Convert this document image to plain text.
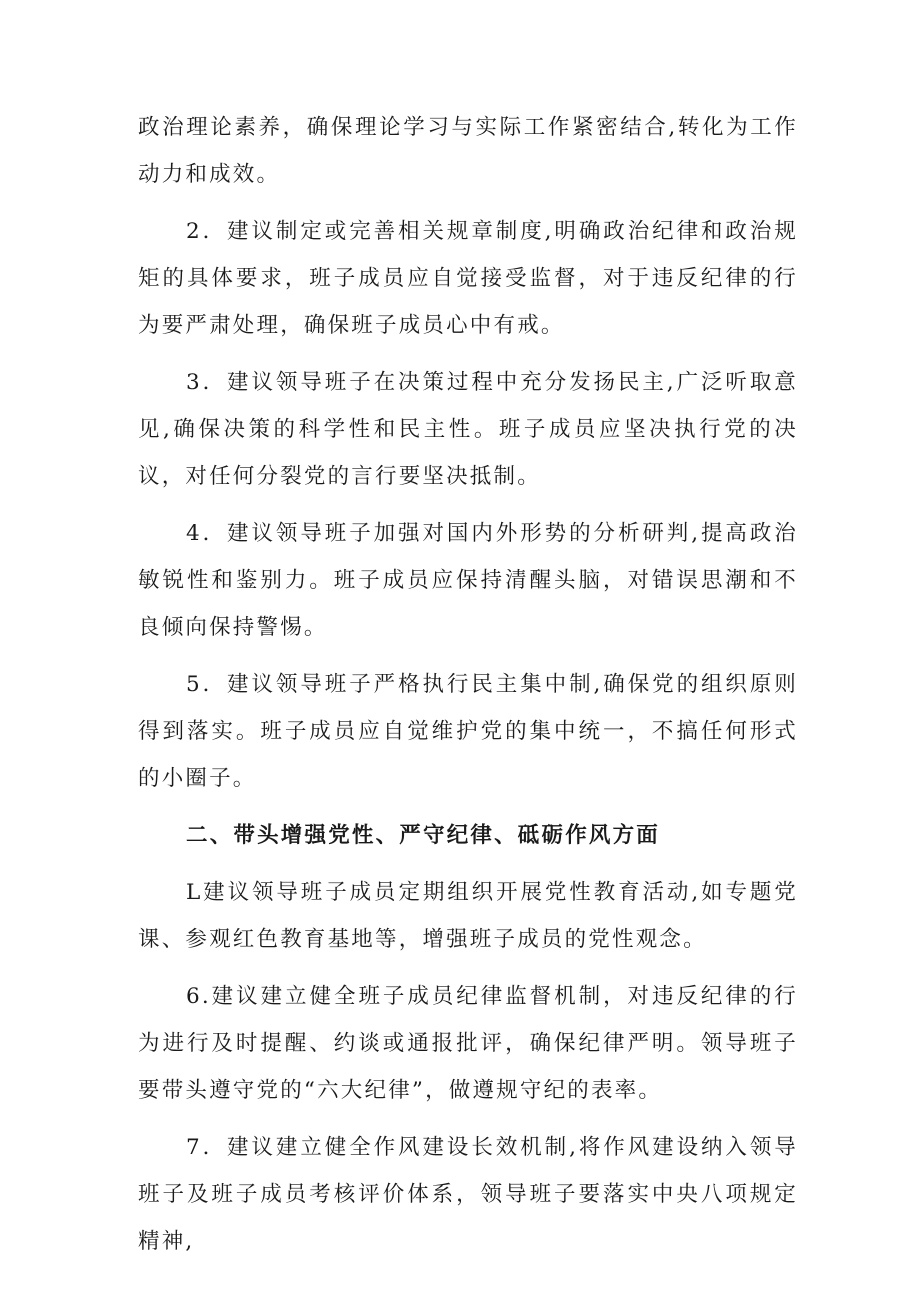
政治理论素养，确保理论学习与实际工作紧密结合,转化为工作动力和成效。

2．建议制定或完善相关规章制度,明确政治纪律和政治规矩的具体要求，班子成员应自觉接受监督，对于违反纪律的行为要严肃处理，确保班子成员心中有戒。

3．建议领导班子在决策过程中充分发扬民主,广泛听取意见,确保决策的科学性和民主性。班子成员应坚决执行党的决议，对任何分裂党的言行要坚决抵制。

4．建议领导班子加强对国内外形势的分析研判,提高政治敏锐性和鉴别力。班子成员应保持清醒头脑，对错误思潮和不良倾向保持警惕。

5．建议领导班子严格执行民主集中制,确保党的组织原则得到落实。班子成员应自觉维护党的集中统一，不搞任何形式的小圈子。

二、带头增强党性、严守纪律、砥砺作风方面

L建议领导班子成员定期组织开展党性教育活动,如专题党课、参观红色教育基地等，增强班子成员的党性观念。

6.建议建立健全班子成员纪律监督机制，对违反纪律的行为进行及时提醒、约谈或通报批评，确保纪律严明。领导班子要带头遵守党的“六大纪律”，做遵规守纪的表率。

7．建议建立健全作风建设长效机制,将作风建设纳入领导班子及班子成员考核评价体系，领导班子要落实中央八项规定精神,
